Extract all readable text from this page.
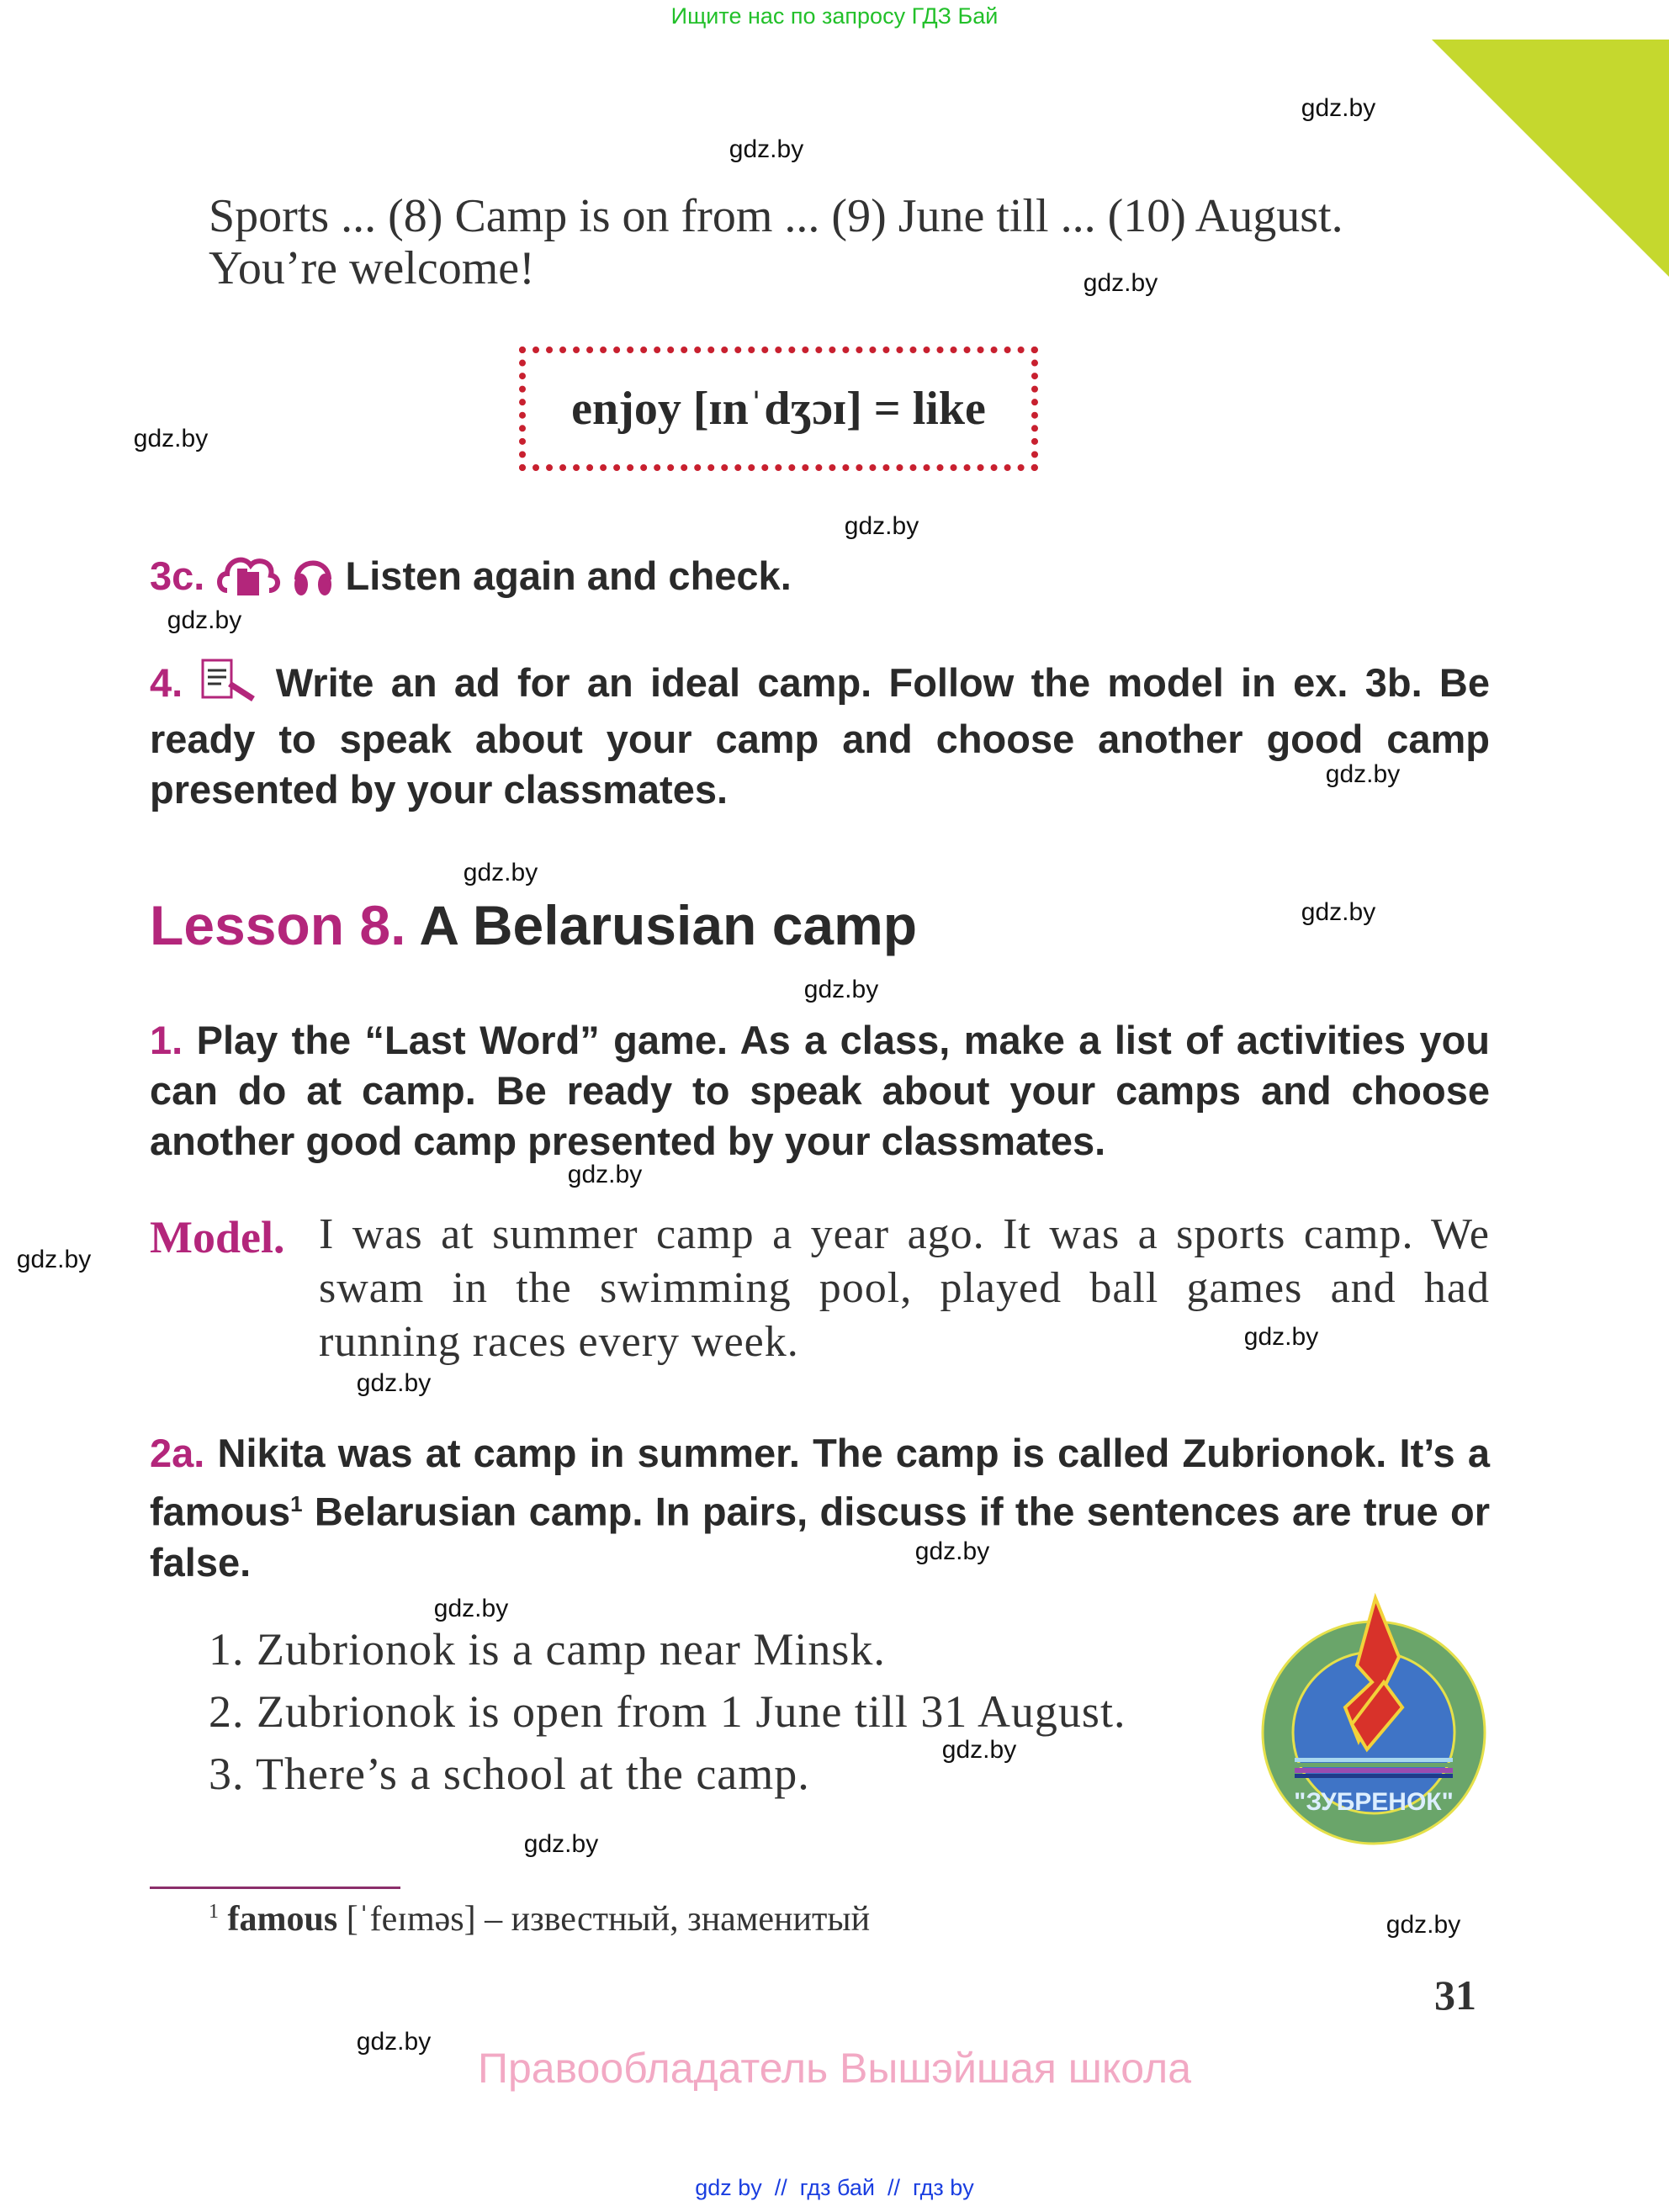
Ищите нас по запросу ГДЗ Бай
gdz.by
gdz.by
gdz.by
gdz.by
gdz.by
gdz.by
gdz.by
gdz.by
gdz.by
gdz.by
gdz.by
gdz.by
gdz.by
gdz.by
gdz.by
gdz.by
gdz.by
gdz.by
gdz.by
gdz.by
Sports ... (8) Camp is on from ... (9) June till ... (10) August.
You’re welcome!
enjoy [ɪnˈdʒɔɪ] = like
3c.	Listen again and check.
4. Write an ad for an ideal camp. Follow the model in ex. 3b. Be ready to speak about your camp and choose another good camp presented by your classmates.
Lesson 8. A Belarusian camp
1. Play the “Last Word” game. As a class, make a list of activities you can do at camp. Be ready to speak about your camps and choose another good camp presented by your classmates.
Model. I was at summer camp a year ago. It was a sports camp. We swam in the swimming pool, played ball games and had running races every week.
2a. Nikita was at camp in summer. The camp is called Zubrionok. It’s a famous$^1$ Belarusian camp. In pairs, discuss if the sentences are true or false.
1. Zubrionok is a camp near Minsk.
2. Zubrionok is open from 1 June till 31 August.
3. There’s a school at the camp.
"ЗУБРЕНОК"
$^1$ famous [ˈfeɪməs] – известный, знаменитый
31
Правообладатель Вышэйшая школа
gdz by  //  гдз бай  //  гдз by
